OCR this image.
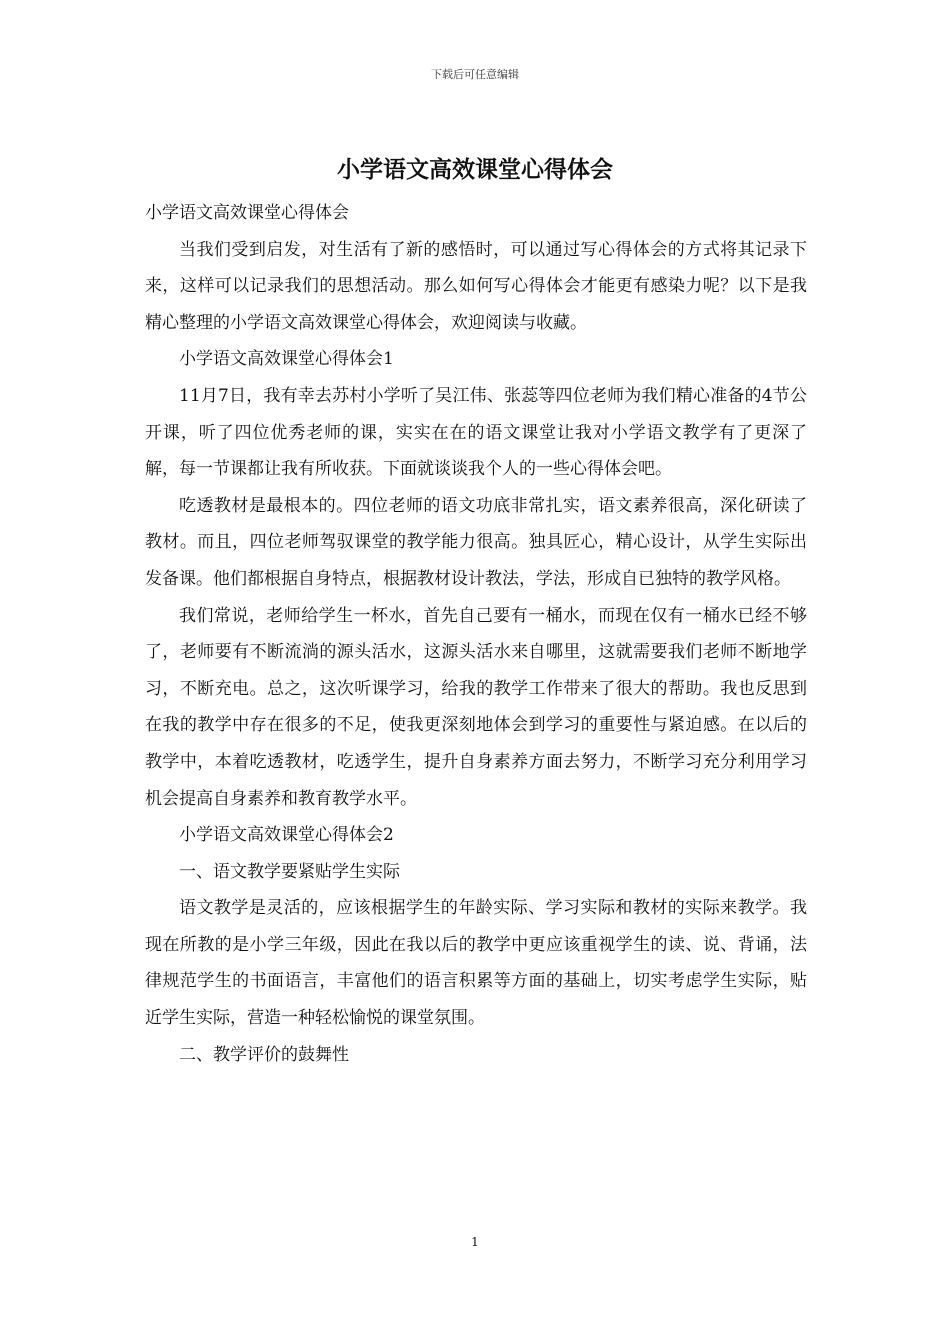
下载后可任意编辑
小学语文高效课堂心得体会

小学语文高效课堂心得体会

当我们受到启发，对生活有了新的感悟时，可以通过写心得体会的方式将其记录下来，这样可以记录我们的思想活动。那么如何写心得体会才能更有感染力呢？以下是我精心整理的小学语文高效课堂心得体会，欢迎阅读与收藏。

小学语文高效课堂心得体会1

11月7日，我有幸去苏村小学听了吴江伟、张蕊等四位老师为我们精心准备的4节公开课，听了四位优秀老师的课，实实在在的语文课堂让我对小学语文教学有了更深了解，每一节课都让我有所收获。下面就谈谈我个人的一些心得体会吧。

吃透教材是最根本的。四位老师的语文功底非常扎实，语文素养很高，深化研读了教材。而且，四位老师驾驭课堂的教学能力很高。独具匠心，精心设计，从学生实际出发备课。他们都根据自身特点，根据教材设计教法，学法，形成自已独特的教学风格。

我们常说，老师给学生一杯水，首先自己要有一桶水，而现在仅有一桶水已经不够了，老师要有不断流淌的源头活水，这源头活水来自哪里，这就需要我们老师不断地学习，不断充电。总之，这次听课学习，给我的教学工作带来了很大的帮助。我也反思到在我的教学中存在很多的不足，使我更深刻地体会到学习的重要性与紧迫感。在以后的教学中，本着吃透教材，吃透学生，提升自身素养方面去努力，不断学习充分利用学习机会提高自身素养和教育教学水平。

小学语文高效课堂心得体会2

一、语文教学要紧贴学生实际

语文教学是灵活的，应该根据学生的年龄实际、学习实际和教材的实际来教学。我现在所教的是小学三年级，因此在我以后的教学中更应该重视学生的读、说、背诵，法律规范学生的书面语言，丰富他们的语言积累等方面的基础上，切实考虑学生实际，贴近学生实际，营造一种轻松愉悦的课堂氛围。

二、教学评价的鼓舞性

1
